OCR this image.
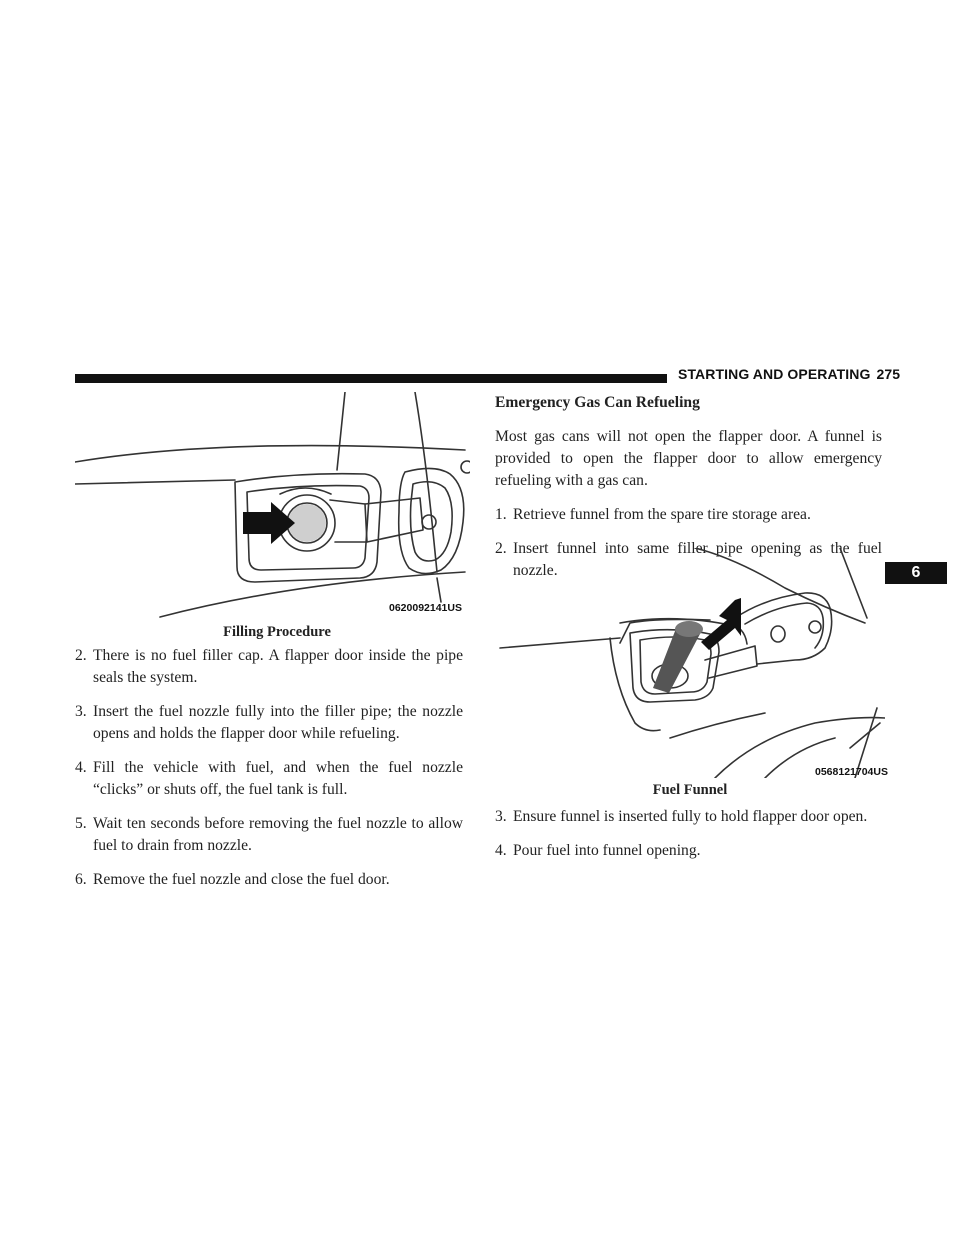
STARTING AND OPERATING 275
6
0620092141US
Filling Procedure
2. There is no fuel filler cap. A flapper door inside the pipe seals the system.
3. Insert the fuel nozzle fully into the filler pipe; the nozzle opens and holds the flapper door while refueling.
4. Fill the vehicle with fuel, and when the fuel nozzle “clicks” or shuts off, the fuel tank is full.
5. Wait ten seconds before removing the fuel nozzle to allow fuel to drain from nozzle.
6. Remove the fuel nozzle and close the fuel door.
Emergency Gas Can Refueling

Most gas cans will not open the flapper door. A funnel is provided to open the flapper door to allow emergency refueling with a gas can.

1. Retrieve funnel from the spare tire storage area.
2. Insert funnel into same filler pipe opening as the fuel nozzle.
0568121704US
Fuel Funnel
3. Ensure funnel is inserted fully to hold flapper door open.
4. Pour fuel into funnel opening.
